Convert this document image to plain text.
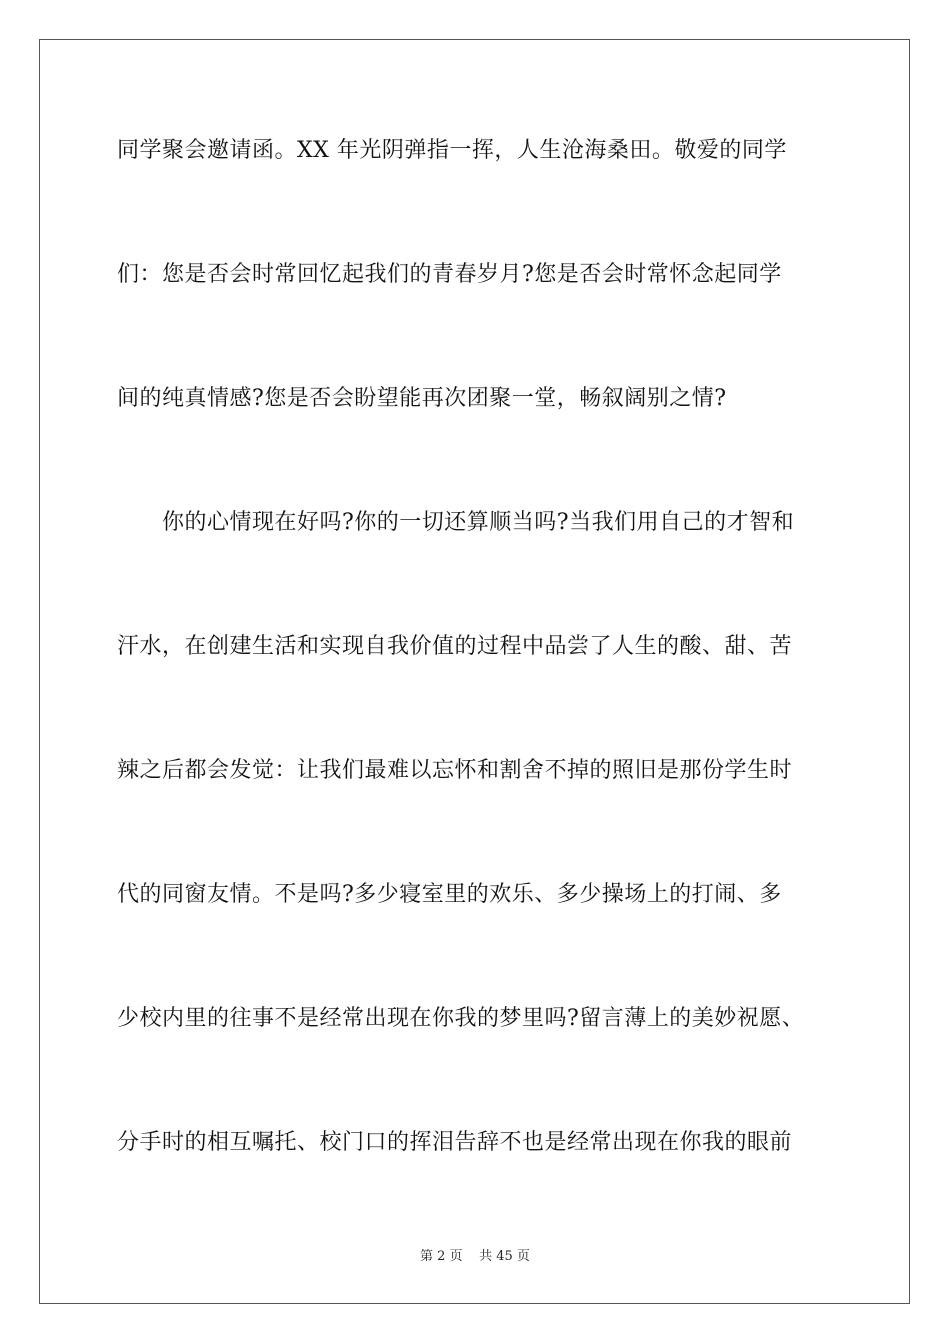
同学聚会邀请函。XX 年光阴弹指一挥，人生沧海桑田。敬爱的同学
们：您是否会时常回忆起我们的青春岁月?您是否会时常怀念起同学
间的纯真情感?您是否会盼望能再次团聚一堂，畅叙阔别之情?
你的心情现在好吗?你的一切还算顺当吗?当我们用自己的才智和
汗水，在创建生活和实现自我价值的过程中品尝了人生的酸、甜、苦
辣之后都会发觉：让我们最难以忘怀和割舍不掉的照旧是那份学生时
代的同窗友情。不是吗?多少寝室里的欢乐、多少操场上的打闹、多
少校内里的往事不是经常出现在你我的梦里吗?留言薄上的美妙祝愿、
分手时的相互嘱托、校门口的挥泪告辞不也是经常出现在你我的眼前
第 2 页 共 45 页
